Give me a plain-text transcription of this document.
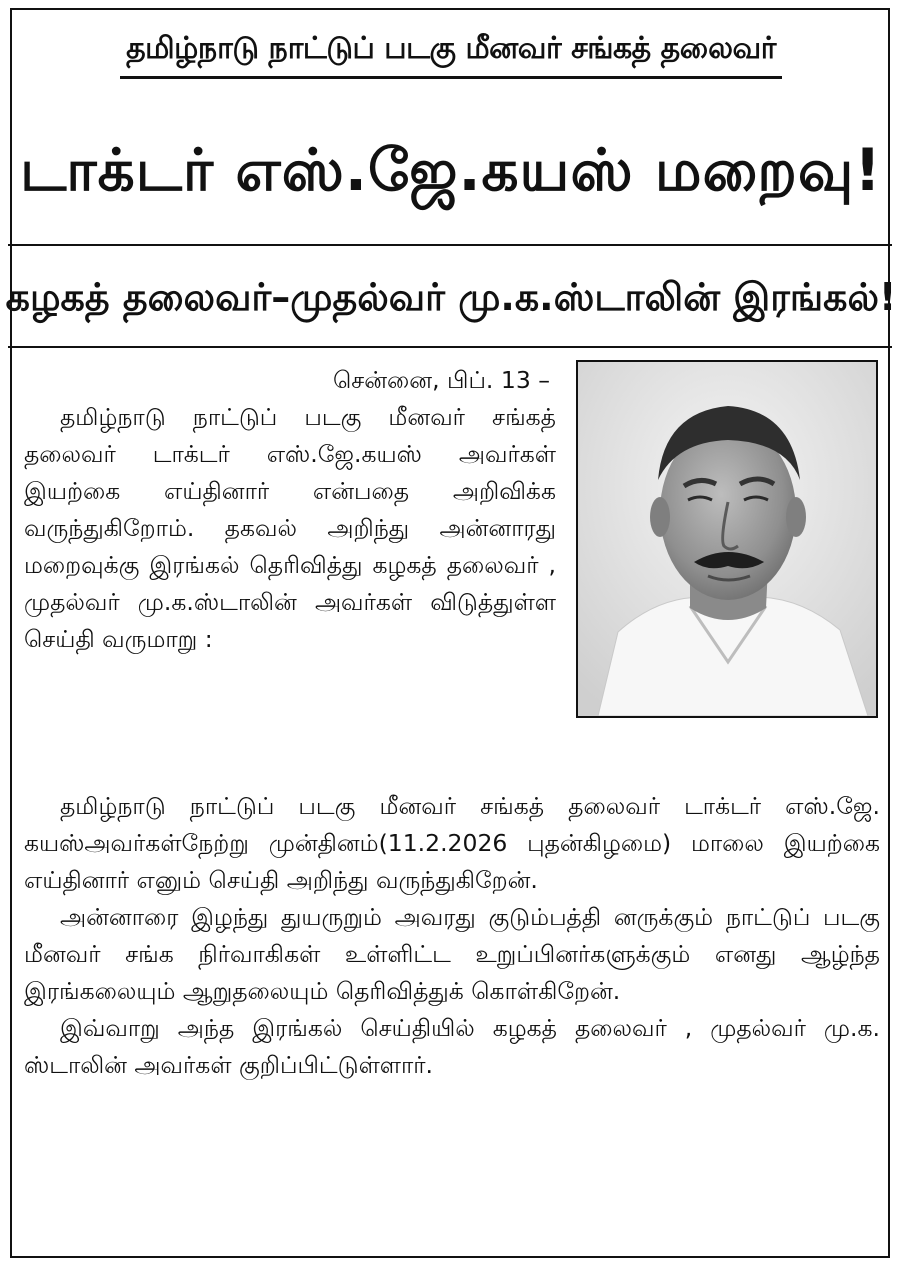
தமிழ்நாடு நாட்டுப் படகு மீனவர் சங்கத் தலைவர்
டாக்டர் எஸ்.ஜே.கயஸ் மறைவு!
கழகத் தலைவர்–முதல்வர் மு.க.ஸ்டாலின் இரங்கல்!
சென்னை, பிப். 13 –

தமிழ்நாடு நாட்டுப் படகு மீனவர் சங்கத் தலைவர் டாக்டர் எஸ்.ஜே.கயஸ் அவர்கள் இயற்கை எய்தினார் என்பதை அறிவிக்க வருந்துகிறோம். தகவல் அறிந்து அன்னாரது மறைவுக்கு இரங்கல் தெரிவித்து கழகத் தலைவர் , முதல்வர் மு.க.ஸ்டாலின் அவர்கள் விடுத்துள்ள செய்தி வருமாறு :

தமிழ்நாடு நாட்டுப் படகு மீனவர் சங்கத் தலைவர் டாக்டர் எஸ்.ஜே. கயஸ்அவர்கள்நேற்று முன்தினம்(11.2.2026 புதன்கிழமை) மாலை இயற்கை எய்தினார் எனும் செய்தி அறிந்து வருந்துகிறேன்.

அன்னாரை இழந்து துயருறும் அவரது குடும்பத்தி னருக்கும் நாட்டுப் படகு மீனவர் சங்க நிர்வாகிகள் உள்ளிட்ட உறுப்பினர்களுக்கும் எனது ஆழ்ந்த இரங்கலையும் ஆறுதலையும் தெரிவித்துக் கொள்கிறேன்.

இவ்வாறு அந்த இரங்கல் செய்தியில் கழகத் தலைவர் , முதல்வர் மு.க. ஸ்டாலின் அவர்கள் குறிப்பிட்டுள்ளார்.
